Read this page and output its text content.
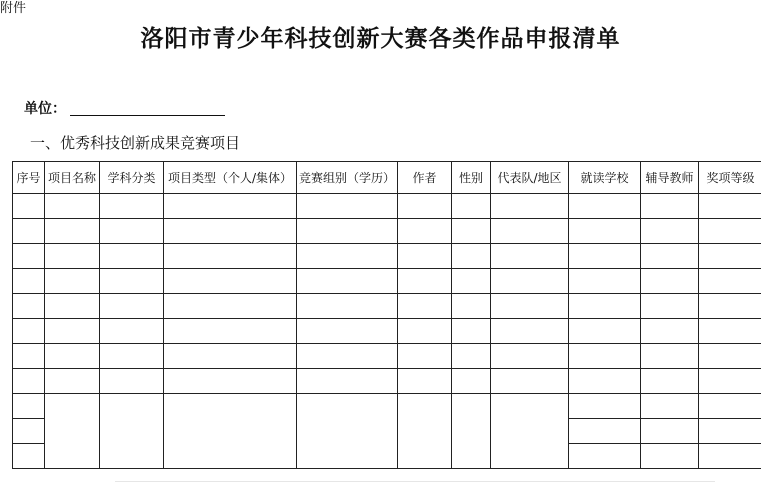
附件
洛阳市青少年科技创新大赛各类作品申报清单
单位：
一、优秀科技创新成果竞赛项目
序号	项目名称	学科分类	项目类型（个人/集体）	竞赛组别（学历）	作者	性别	代表队/地区	就读学校	辅导教师	奖项等级
